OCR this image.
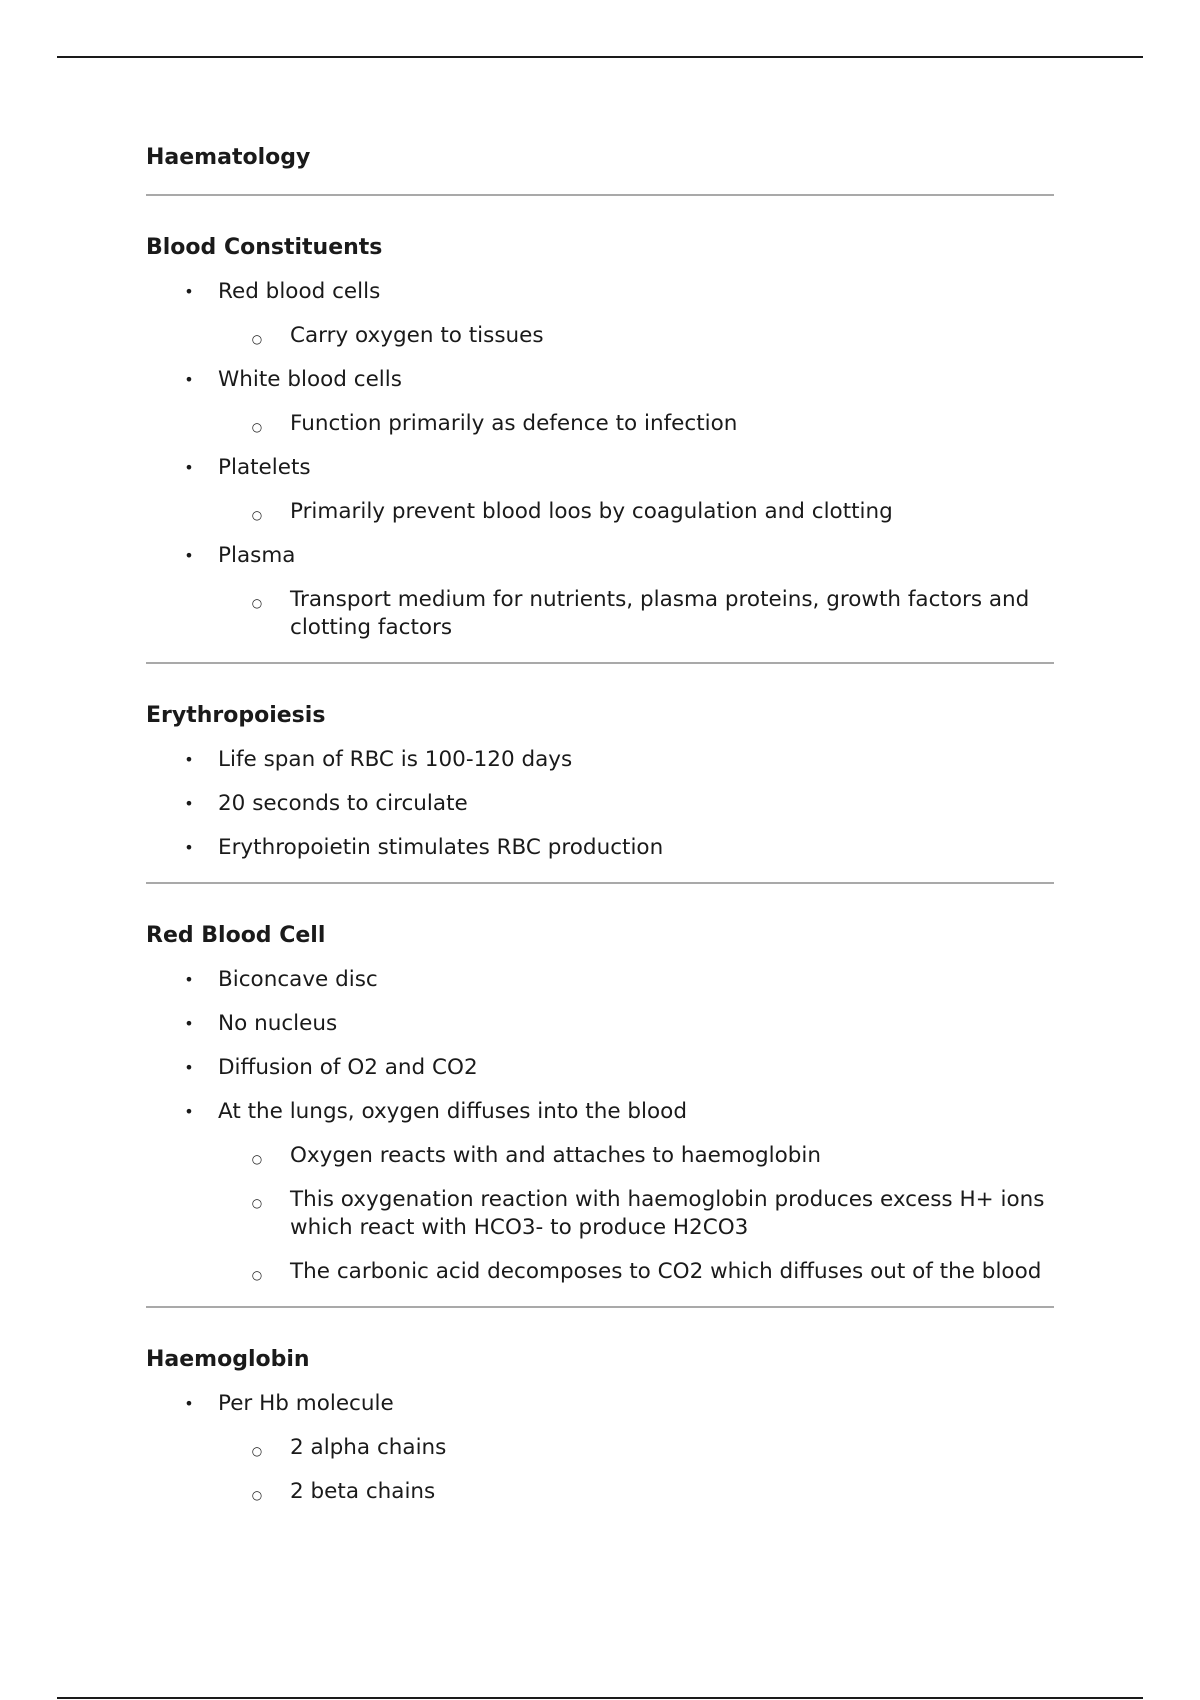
Haematology
Blood Constituents
• Red blood cells
○ Carry oxygen to tissues
• White blood cells
○ Function primarily as defence to infection
• Platelets
○ Primarily prevent blood loos by coagulation and clotting
• Plasma
○ Transport medium for nutrients, plasma proteins, growth factors and clotting factors
Erythropoiesis
• Life span of RBC is 100-120 days
• 20 seconds to circulate
• Erythropoietin stimulates RBC production
Red Blood Cell
• Biconcave disc
• No nucleus
• Diffusion of O2 and CO2
• At the lungs, oxygen diffuses into the blood
○ Oxygen reacts with and attaches to haemoglobin
○ This oxygenation reaction with haemoglobin produces excess H+ ions which react with HCO3- to produce H2CO3
○ The carbonic acid decomposes to CO2 which diffuses out of the blood
Haemoglobin
• Per Hb molecule
○ 2 alpha chains
○ 2 beta chains
